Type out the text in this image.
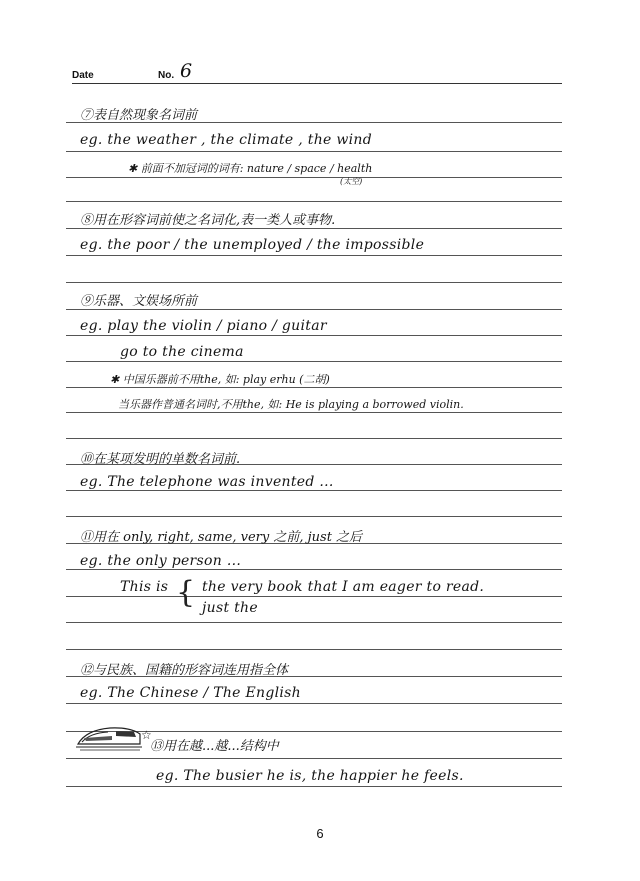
Date	No. 6
⑦表自然现象名词前
eg. the weather , the climate , the wind
✱ 前面不加冠词的词有: nature / space / health
(太空)
⑧用在形容词前使之名词化,表一类人或事物.
eg. the poor / the unemployed / the impossible
⑨乐器、文娱场所前
eg. play the violin / piano / guitar
go to the cinema
✱ 中国乐器前不用the, 如: play erhu (二胡)
当乐器作普通名词时,不用the, 如: He is playing a borrowed violin.
⑩在某项发明的单数名词前.
eg. The telephone was invented ...
⑪用在 only, right, same, very 之前, just 之后
eg. the only person ...
This is { the very book that I am eager to read.
just the
⑫与民族、国籍的形容词连用指全体
eg. The Chinese / The English
☆
⑬用在越...越...结构中
eg. The busier he is, the happier he feels.
6
